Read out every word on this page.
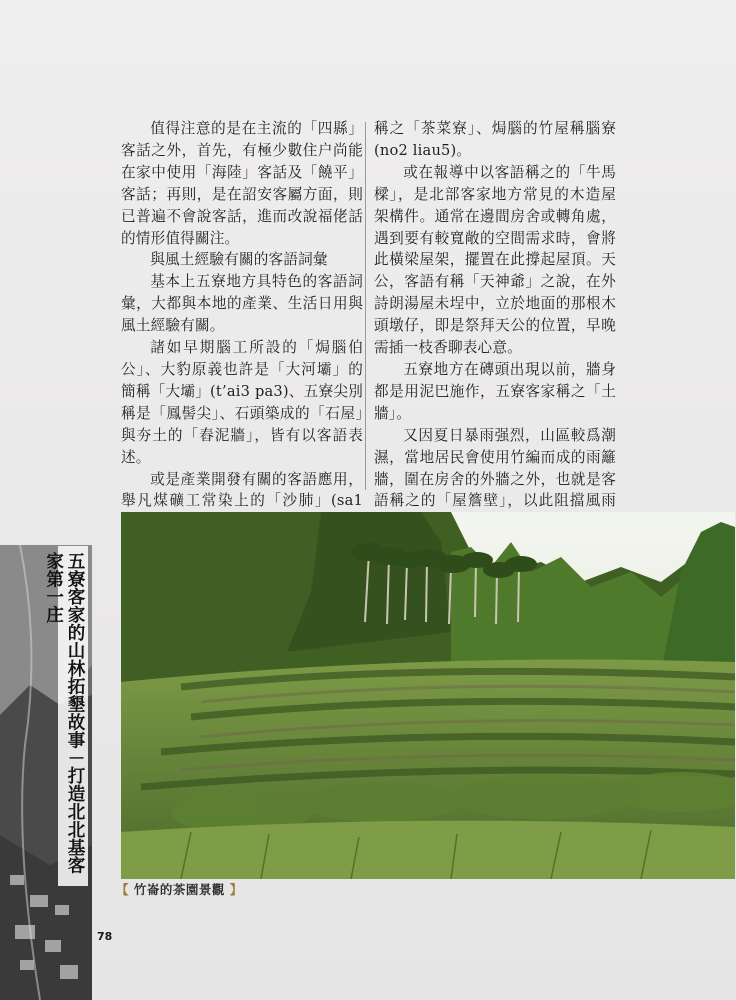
值得注意的是在主流的「四縣」客話之外，首先，有極少數住户尚能在家中使用「海陸」客話及「饒平」客話；再則，是在詔安客屬方面，則已普遍不會說客話，進而改說福佬話的情形值得關注。

與風土經驗有關的客語詞彙

基本上五寮地方具特色的客語詞彙，大都與本地的產業、生活日用與風土經驗有關。

諸如早期腦工所設的「焗腦伯公」、大豹原義也許是「大河壩」的簡稱「大壩」(t’ai3 pa3)、五寮尖別稱是「鳳髻尖」、石頭築成的「石屋」與夯土的「舂泥牆」，皆有以客語表述。

或是產業開發有關的客語應用，舉凡煤礦工常染上的「沙肺」(sa1

稱之「茶菜寮」、焗腦的竹屋稱腦寮(no2 liau5)。

或在報導中以客語稱之的「牛馬樑」，是北部客家地方常見的木造屋架構件。通常在邊間房舍或轉角處，遇到要有較寬敞的空間需求時，會將此橫梁屋架，擺置在此撐起屋頂。天公，客語有稱「天神爺」之說，在外詩朗湯屋未埕中，立於地面的那根木頭墩仔，即是祭拜天公的位置，早晚需插一枝香聊表心意。

五寮地方在磚頭出現以前，牆身都是用泥巴施作，五寮客家稱之「土牆」。

又因夏日暴雨强烈，山區較爲潮濕，當地居民會使用竹編而成的雨籬牆，圍在房舍的外牆之外，也就是客語稱之的「屋簷壁」，以此阻擋風雨

【 竹崙的茶園景觀 】
五寮客家的山林拓墾故事－打造北北基客家第一庄
78
